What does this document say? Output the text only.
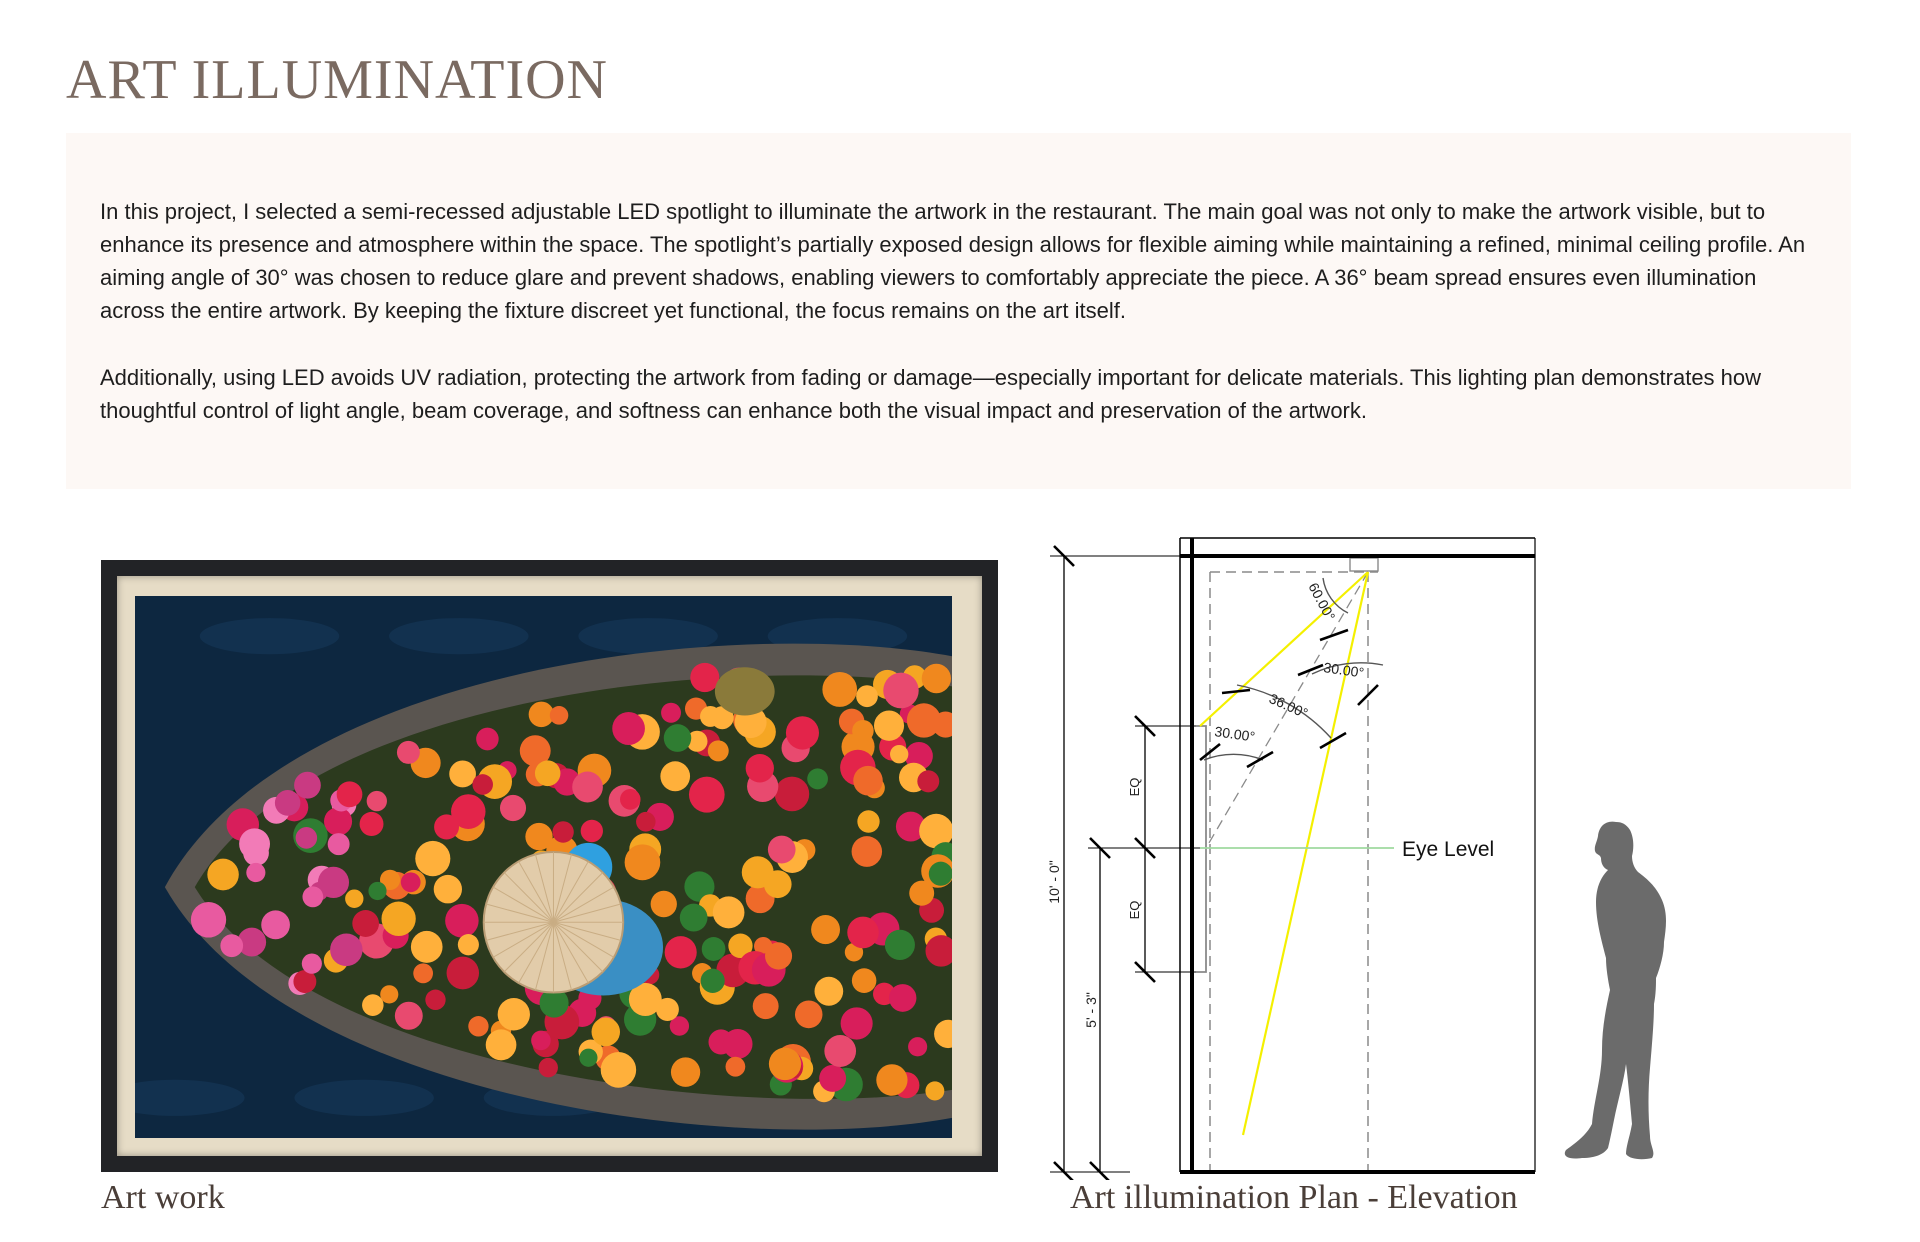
ART ILLUMINATION

In this project, I selected a semi-recessed adjustable LED spotlight to illuminate the artwork in the restaurant. The main goal was not only to make the artwork visible, but to enhance its presence and atmosphere within the space. The spotlight’s partially exposed design allows for flexible aiming while maintaining a refined, minimal ceiling profile. An aiming angle of 30° was chosen to reduce glare and prevent shadows, enabling viewers to comfortably appreciate the piece. A 36° beam spread ensures even illumination across the entire artwork. By keeping the fixture discreet yet functional, the focus remains on the art itself.

Additionally, using LED avoids UV radiation, protecting the artwork from fading or damage—especially important for delicate materials. This lighting plan demonstrates how thoughtful control of light angle, beam coverage, and softness can enhance both the visual impact and preservation of the artwork.

Art work

Eye Level
60.00°
30.00°
36.00°
30.00°
10' - 0"
5' - 3"
EQ
EQ

Art illumination Plan - Elevation
